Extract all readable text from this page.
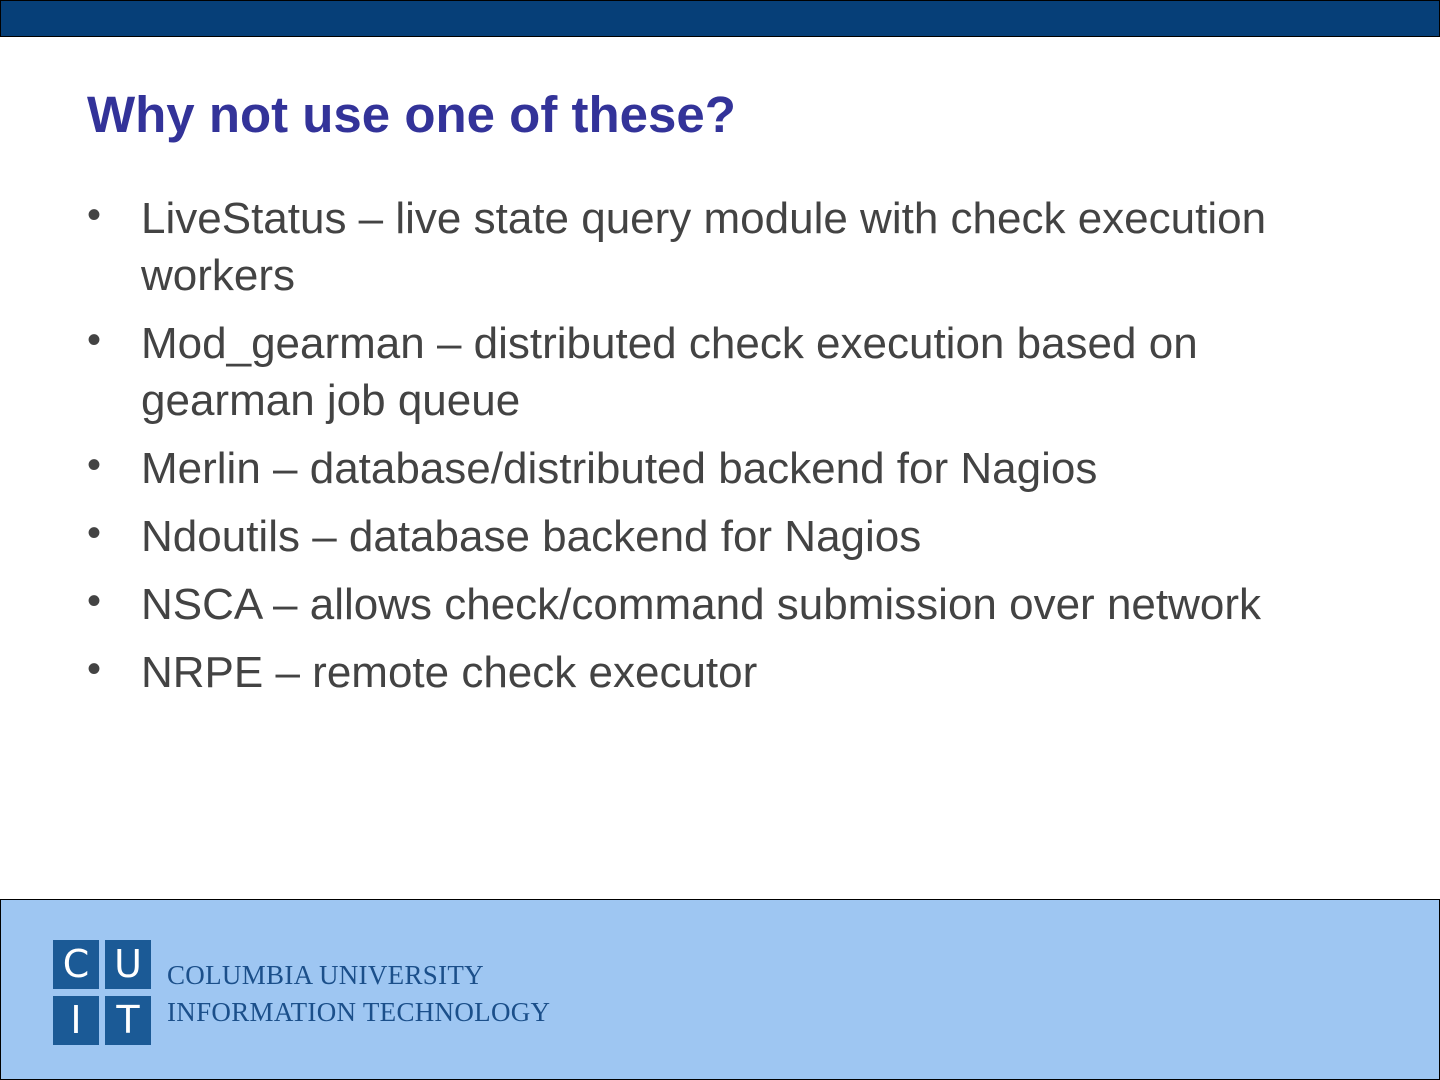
Why not use one of these?
• LiveStatus – live state query module with check execution workers
• Mod_gearman – distributed check execution based on gearman job queue
• Merlin – database/distributed backend for Nagios
• Ndoutils – database backend for Nagios
• NSCA – allows check/command submission over network
• NRPE – remote check executor
C U
I T
COLUMBIA UNIVERSITY
INFORMATION TECHNOLOGY
